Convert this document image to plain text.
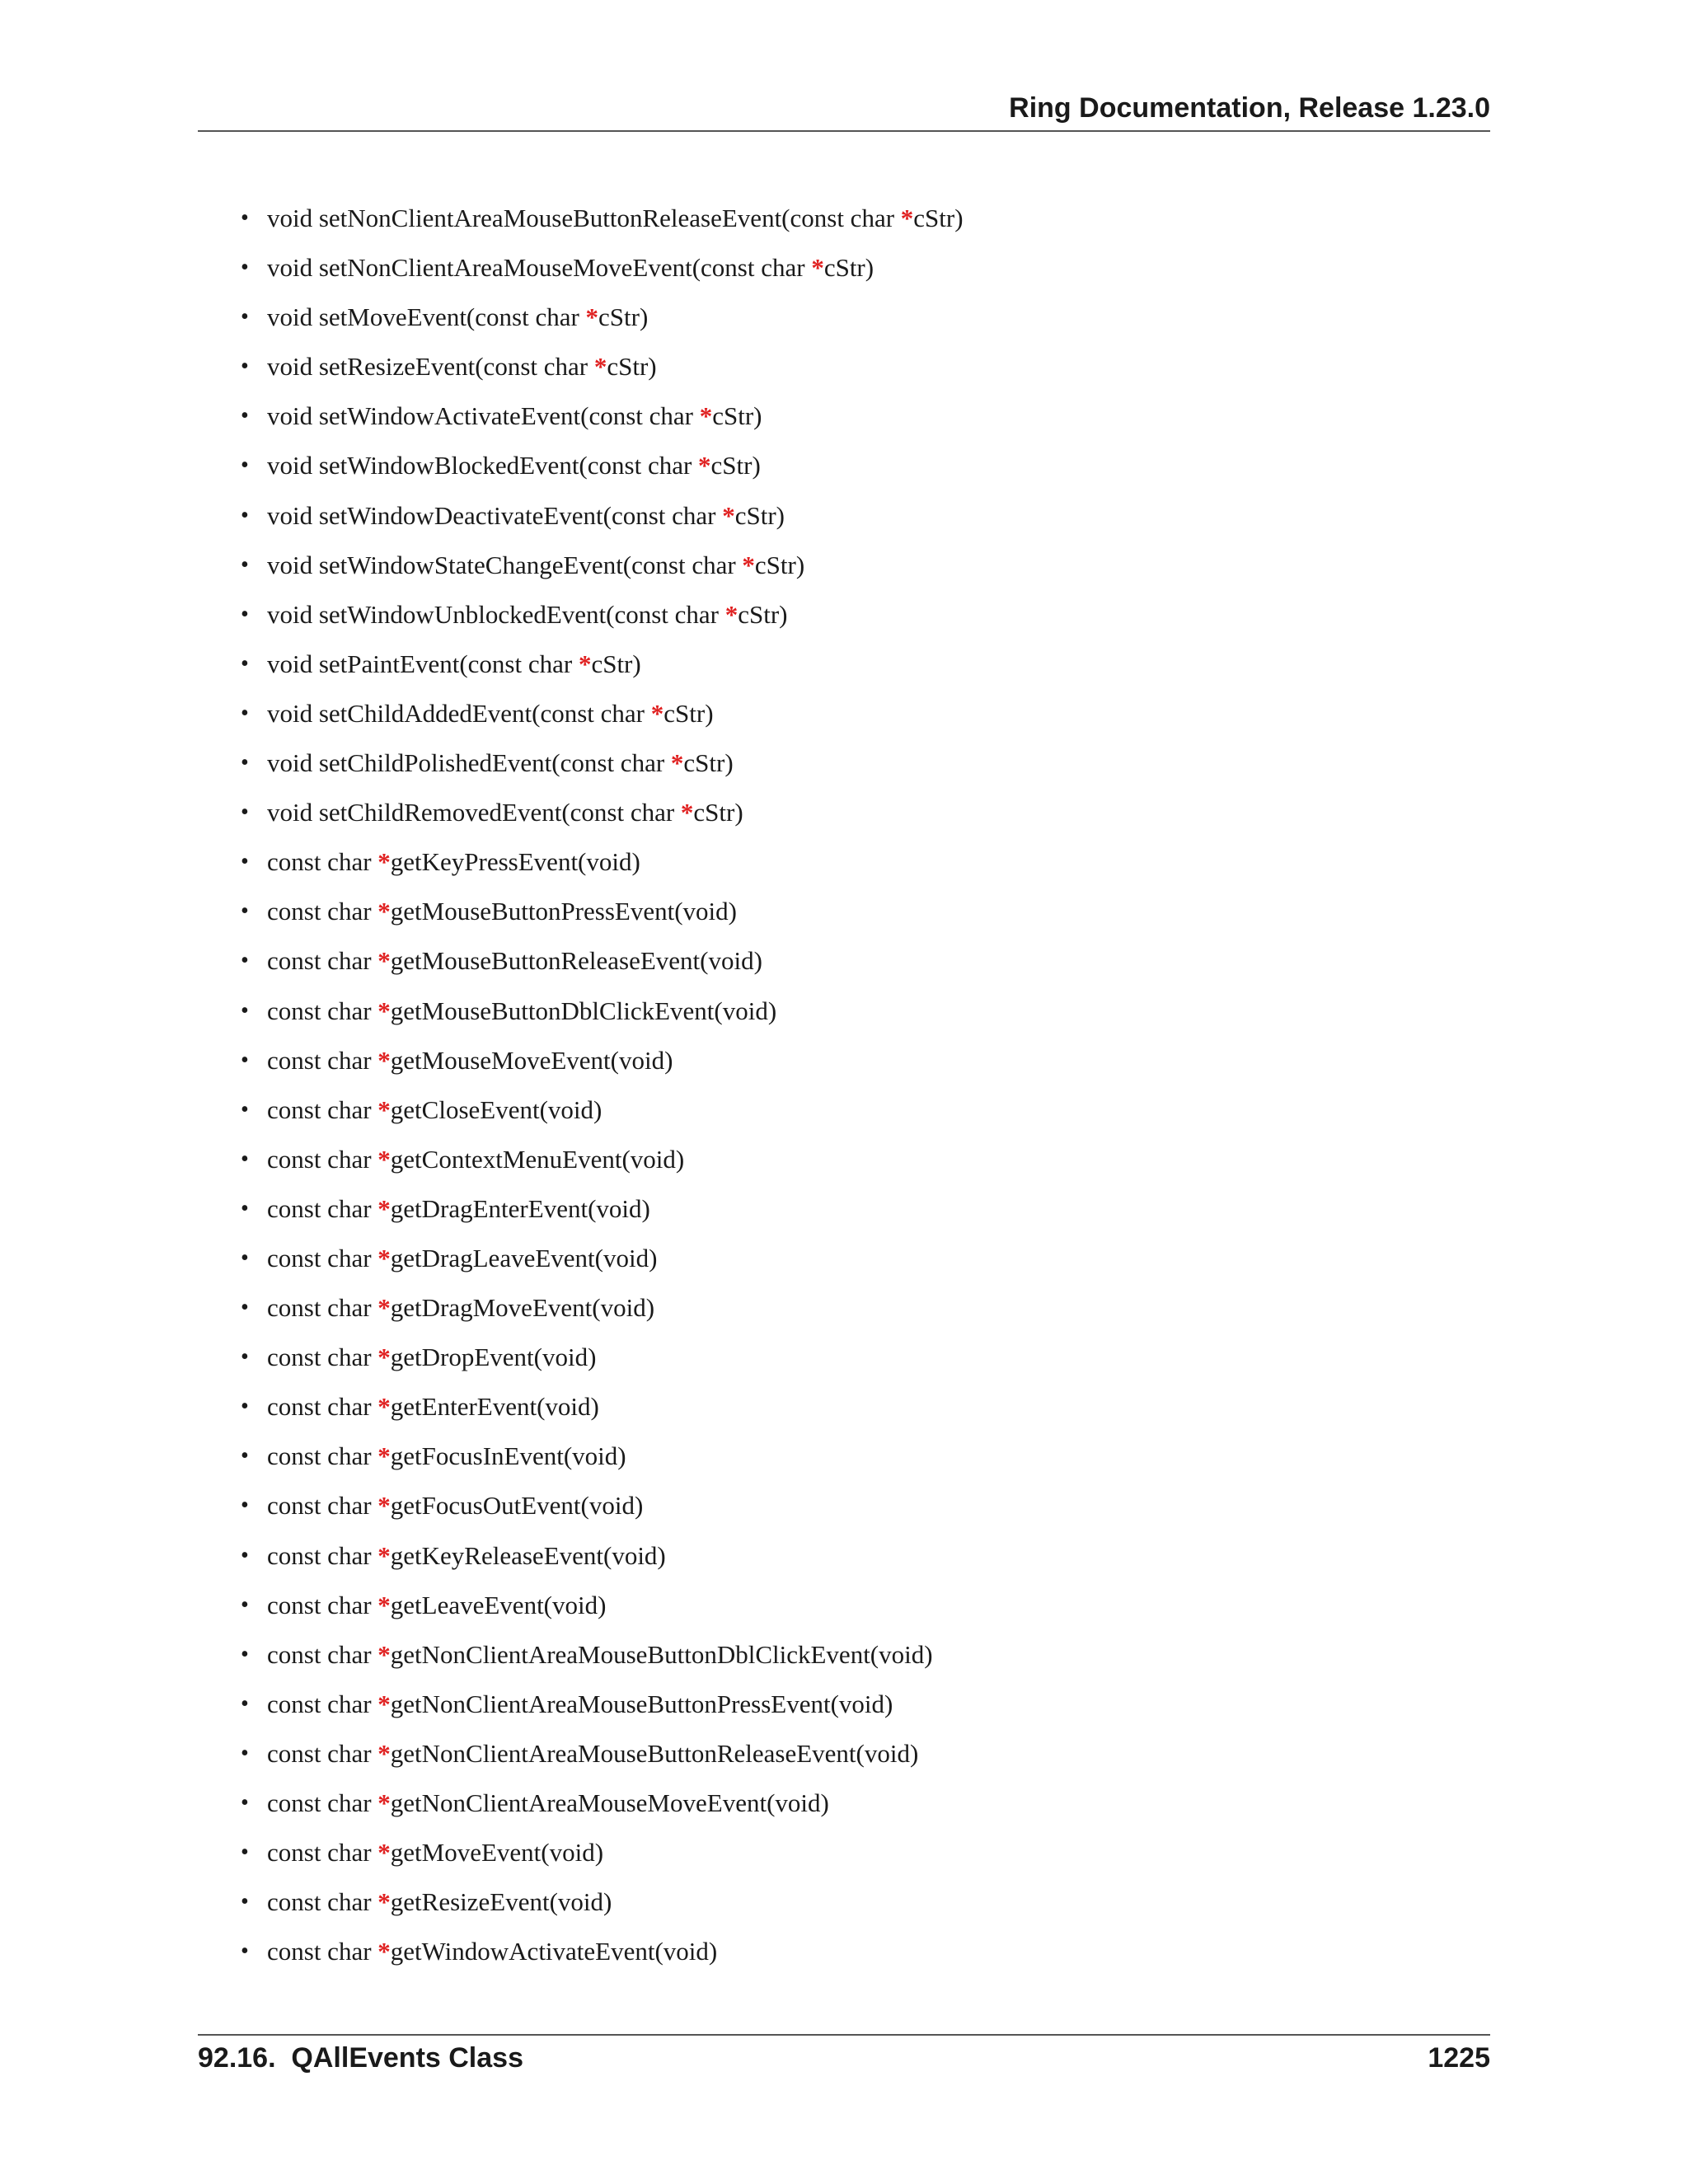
Ring Documentation, Release 1.23.0
• void setNonClientAreaMouseButtonReleaseEvent(const char *cStr)
• void setNonClientAreaMouseMoveEvent(const char *cStr)
• void setMoveEvent(const char *cStr)
• void setResizeEvent(const char *cStr)
• void setWindowActivateEvent(const char *cStr)
• void setWindowBlockedEvent(const char *cStr)
• void setWindowDeactivateEvent(const char *cStr)
• void setWindowStateChangeEvent(const char *cStr)
• void setWindowUnblockedEvent(const char *cStr)
• void setPaintEvent(const char *cStr)
• void setChildAddedEvent(const char *cStr)
• void setChildPolishedEvent(const char *cStr)
• void setChildRemovedEvent(const char *cStr)
• const char *getKeyPressEvent(void)
• const char *getMouseButtonPressEvent(void)
• const char *getMouseButtonReleaseEvent(void)
• const char *getMouseButtonDblClickEvent(void)
• const char *getMouseMoveEvent(void)
• const char *getCloseEvent(void)
• const char *getContextMenuEvent(void)
• const char *getDragEnterEvent(void)
• const char *getDragLeaveEvent(void)
• const char *getDragMoveEvent(void)
• const char *getDropEvent(void)
• const char *getEnterEvent(void)
• const char *getFocusInEvent(void)
• const char *getFocusOutEvent(void)
• const char *getKeyReleaseEvent(void)
• const char *getLeaveEvent(void)
• const char *getNonClientAreaMouseButtonDblClickEvent(void)
• const char *getNonClientAreaMouseButtonPressEvent(void)
• const char *getNonClientAreaMouseButtonReleaseEvent(void)
• const char *getNonClientAreaMouseMoveEvent(void)
• const char *getMoveEvent(void)
• const char *getResizeEvent(void)
• const char *getWindowActivateEvent(void)
92.16.  QAllEvents Class	1225
